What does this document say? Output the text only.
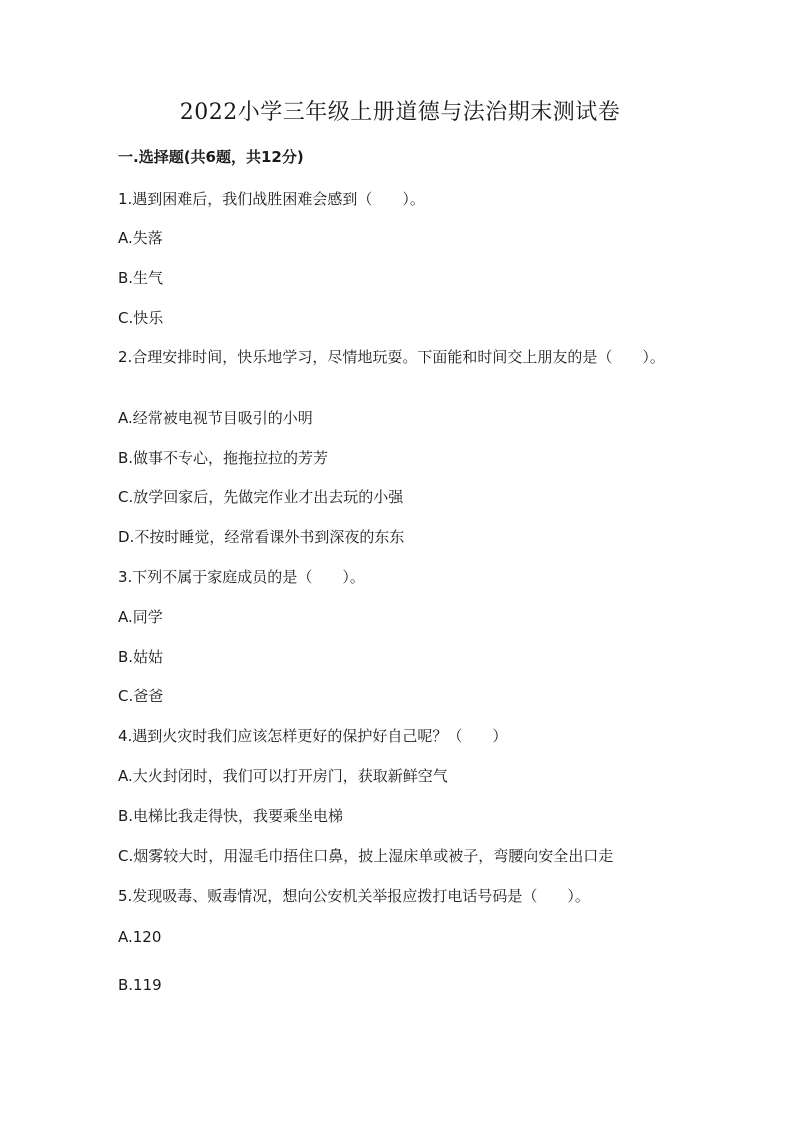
2022小学三年级上册道德与法治期末测试卷
一.选择题(共6题，共12分)
1.遇到困难后，我们战胜困难会感到（　　）。
A.失落
B.生气
C.快乐
2.合理安排时间，快乐地学习，尽情地玩耍。下面能和时间交上朋友的是（　　）。
A.经常被电视节目吸引的小明
B.做事不专心，拖拖拉拉的芳芳
C.放学回家后，先做完作业才出去玩的小强
D.不按时睡觉，经常看课外书到深夜的东东
3.下列不属于家庭成员的是（　　）。
A.同学
B.姑姑
C.爸爸
4.遇到火灾时我们应该怎样更好的保护好自己呢？（　　）
A.大火封闭时，我们可以打开房门，获取新鲜空气
B.电梯比我走得快，我要乘坐电梯
C.烟雾较大时，用湿毛巾捂住口鼻，披上湿床单或被子，弯腰向安全出口走
5.发现吸毒、贩毒情况，想向公安机关举报应拨打电话号码是（　　）。
A.120
B.119
